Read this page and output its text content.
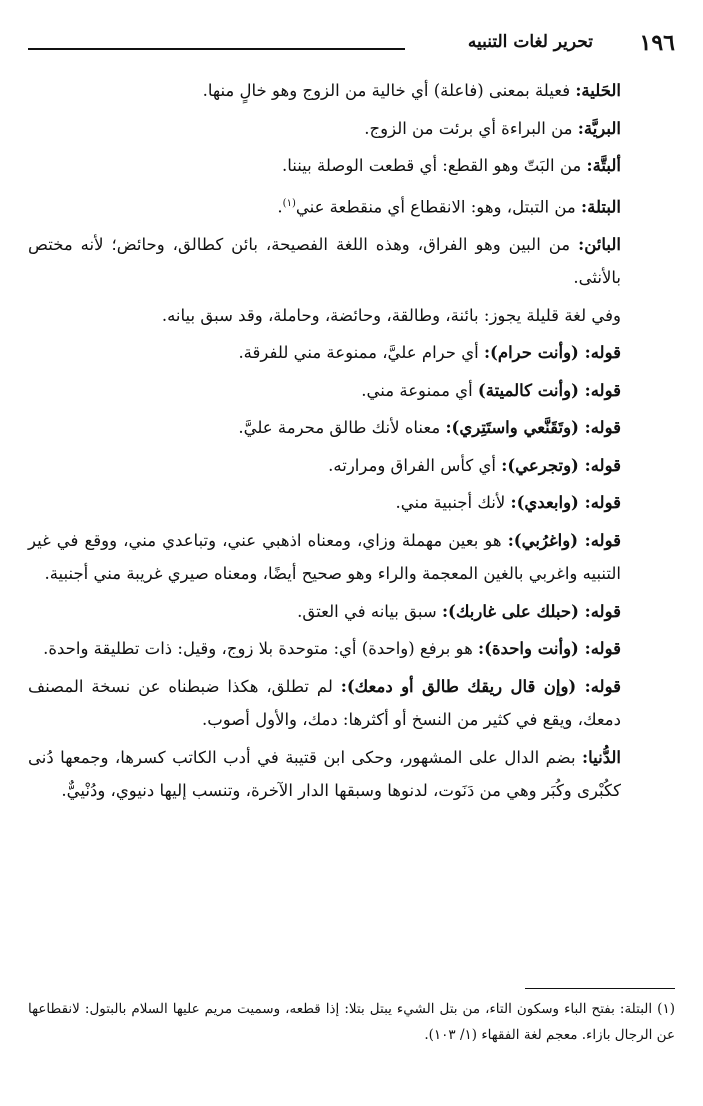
١٩٦
تحرير لغات التنبيه

الحَلية: فعيلة بمعنى (فاعلة) أي خالية من الزوج وهو خالٍ منها.

البريَّة: من البراءة أي برئت من الزوج.

ألبتَّة: من البَتّ وهو القطع: أي قطعت الوصلة بيننا.

البتلة: من التبتل، وهو: الانقطاع أي منقطعة عني$^{(١)}$.

البائن: من البين وهو الفراق، وهذه اللغة الفصيحة، بائن كطالق، وحائض؛ لأنه مختص بالأنثى.

وفي لغة قليلة يجوز: بائنة، وطالقة، وحائضة، وحاملة، وقد سبق بيانه.

قوله: (وأنت حرام): أي حرام عليَّ، ممنوعة مني للفرقة.

قوله: (وأنت كالميتة) أي ممنوعة مني.

قوله: (وتَقَنَّعي واستَتِري): معناه لأنك طالق محرمة عليَّ.

قوله: (وتجرعي): أي كأس الفراق ومرارته.

قوله: (وابعدي): لأنك أجنبية مني.

قوله: (واغرُبي): هو بعين مهملة وزاي، ومعناه اذهبي عني، وتباعدي مني، ووقع في غير التنبيه واغربي بالغين المعجمة والراء وهو صحيح أيضًا، ومعناه صيري غريبة مني أجنبية.

قوله: (حبلك على غاربك): سبق بيانه في العتق.

قوله: (وأنت واحدة): هو برفع (واحدة) أي: متوحدة بلا زوج، وقيل: ذات تطليقة واحدة.

قوله: (وإن قال ريقك طالق أو دمعك): لم تطلق، هكذا ضبطناه عن نسخة المصنف دمعك، ويقع في كثير من النسخ أو أكثرها: دمك، والأول أصوب.

الدُّنيا: بضم الدال على المشهور، وحكى ابن قتيبة في أدب الكاتب كسرها، وجمعها دُنى ككُبْرى وكُبَر وهي من دَنَوت، لدنوها وسبقها الدار الآخرة، وتنسب إليها دنيوي، ودُنْييٌّ.

(١) البتلة: بفتح الباء وسكون التاء، من بتل الشيء يبتل بتلا: إذا قطعه، وسميت مريم عليها السلام بالبتول: لانقطاعها عن الرجال بازاء. معجم لغة الفقهاء (١/ ١٠٣).
